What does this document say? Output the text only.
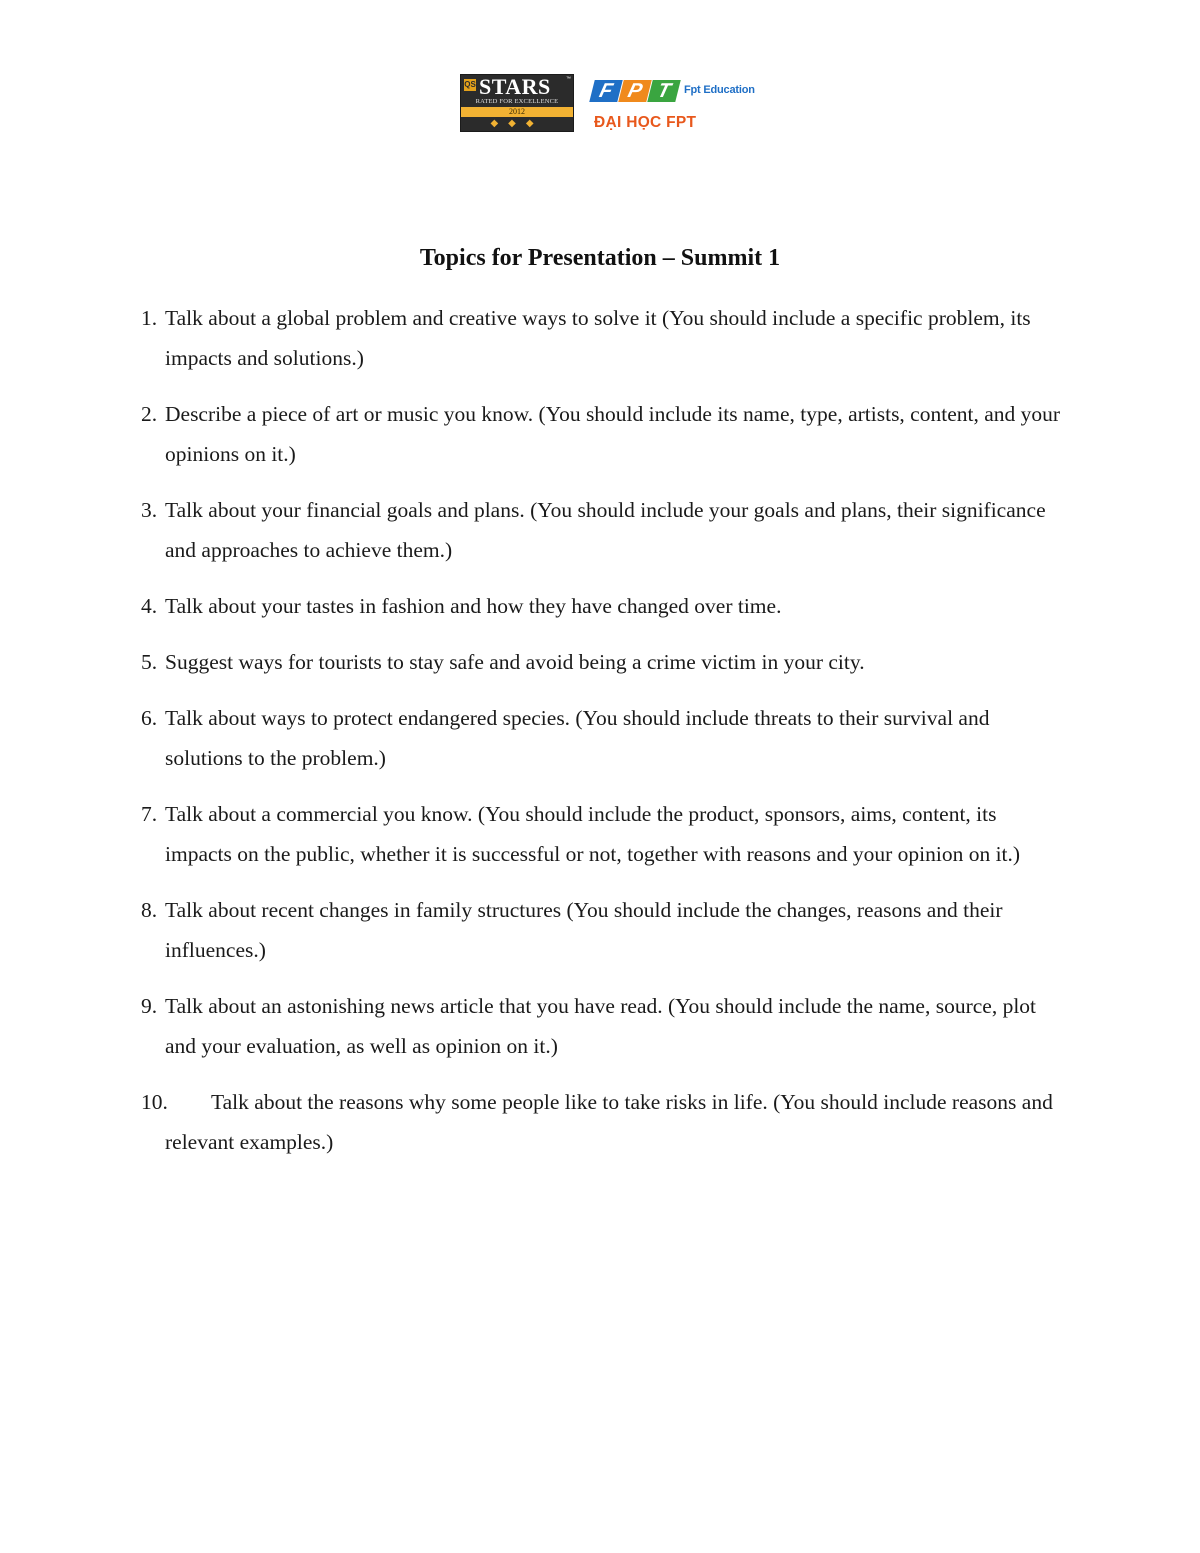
QS STARS	™
RATED FOR EXCELLENCE
2012
◆◆◆
F P T	Fpt Education
ĐẠI HỌC FPT
Topics for Presentation – Summit 1
1. Talk about a global problem and creative ways to solve it (You should include a specific problem, its impacts and solutions.)
2. Describe a piece of art or music you know. (You should include its name, type, artists, content, and your opinions on it.)
3. Talk about your financial goals and plans. (You should include your goals and plans, their significance and approaches to achieve them.)
4. Talk about your tastes in fashion and how they have changed over time.
5. Suggest ways for tourists to stay safe and avoid being a crime victim in your city.
6. Talk about ways to protect endangered species. (You should include threats to their survival and solutions to the problem.)
7. Talk about a commercial you know. (You should include the product, sponsors, aims, content, its impacts on the public, whether it is successful or not, together with reasons and your opinion on it.)
8. Talk about recent changes in family structures (You should include the changes, reasons and their influences.)
9. Talk about an astonishing news article that you have read. (You should include the name, source, plot and your evaluation, as well as opinion on it.)
10.	Talk about the reasons why some people like to take risks in life. (You should include reasons and relevant examples.)
